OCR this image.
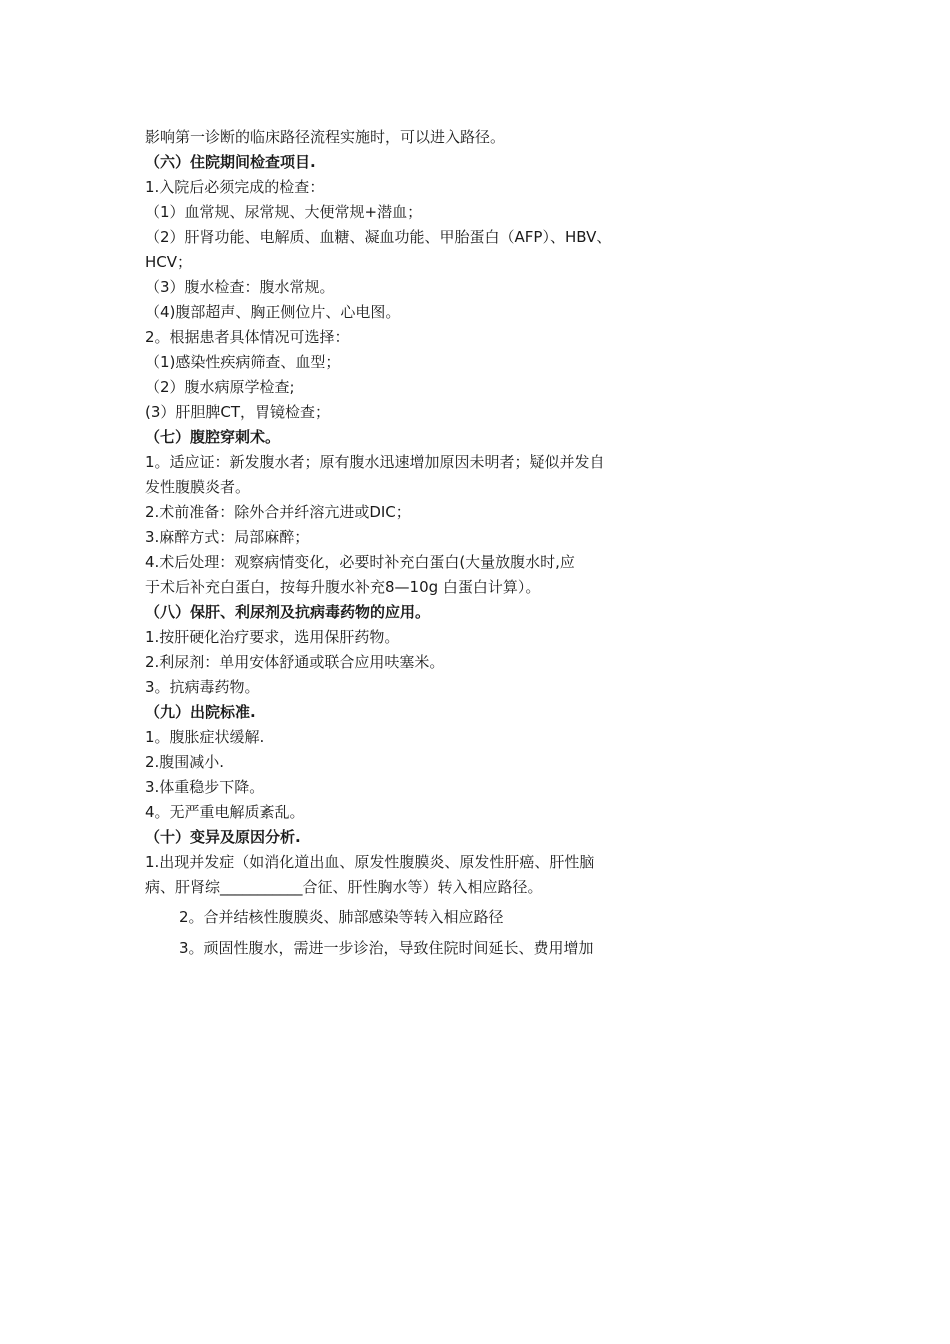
影响第一诊断的临床路径流程实施时，可以进入路径。
（六）住院期间检查项目.
1.入院后必须完成的检查：
（1）血常规、尿常规、大便常规+潜血；
（2）肝肾功能、电解质、血糖、凝血功能、甲胎蛋白（AFP）、HBV、
HCV；
（3）腹水检查：腹水常规。
（4)腹部超声、胸正侧位片、心电图。
2。根据患者具体情况可选择：
（1)感染性疾病筛查、血型；
（2）腹水病原学检查;
(3）肝胆脾CT，胃镜检查；
（七）腹腔穿刺术。
1。适应证：新发腹水者；原有腹水迅速增加原因未明者；疑似并发自
发性腹膜炎者。
2.术前准备：除外合并纤溶亢进或DIC；
3.麻醉方式：局部麻醉；
4.术后处理：观察病情变化，必要时补充白蛋白(大量放腹水时,应
于术后补充白蛋白，按每升腹水补充8—10g 白蛋白计算）。
（八）保肝、利尿剂及抗病毒药物的应用。
1.按肝硬化治疗要求，选用保肝药物。
2.利尿剂：单用安体舒通或联合应用呋塞米。
3。抗病毒药物。
（九）出院标准.
1。腹胀症状缓解.
2.腹围减小.
3.体重稳步下降。
4。无严重电解质紊乱。
（十）变异及原因分析.
1.出现并发症（如消化道出血、原发性腹膜炎、原发性肝癌、肝性脑
病、肝肾综___________合征、肝性胸水等）转入相应路径。
2。合并结核性腹膜炎、肺部感染等转入相应路径
3。顽固性腹水，需进一步诊治，导致住院时间延长、费用增加
